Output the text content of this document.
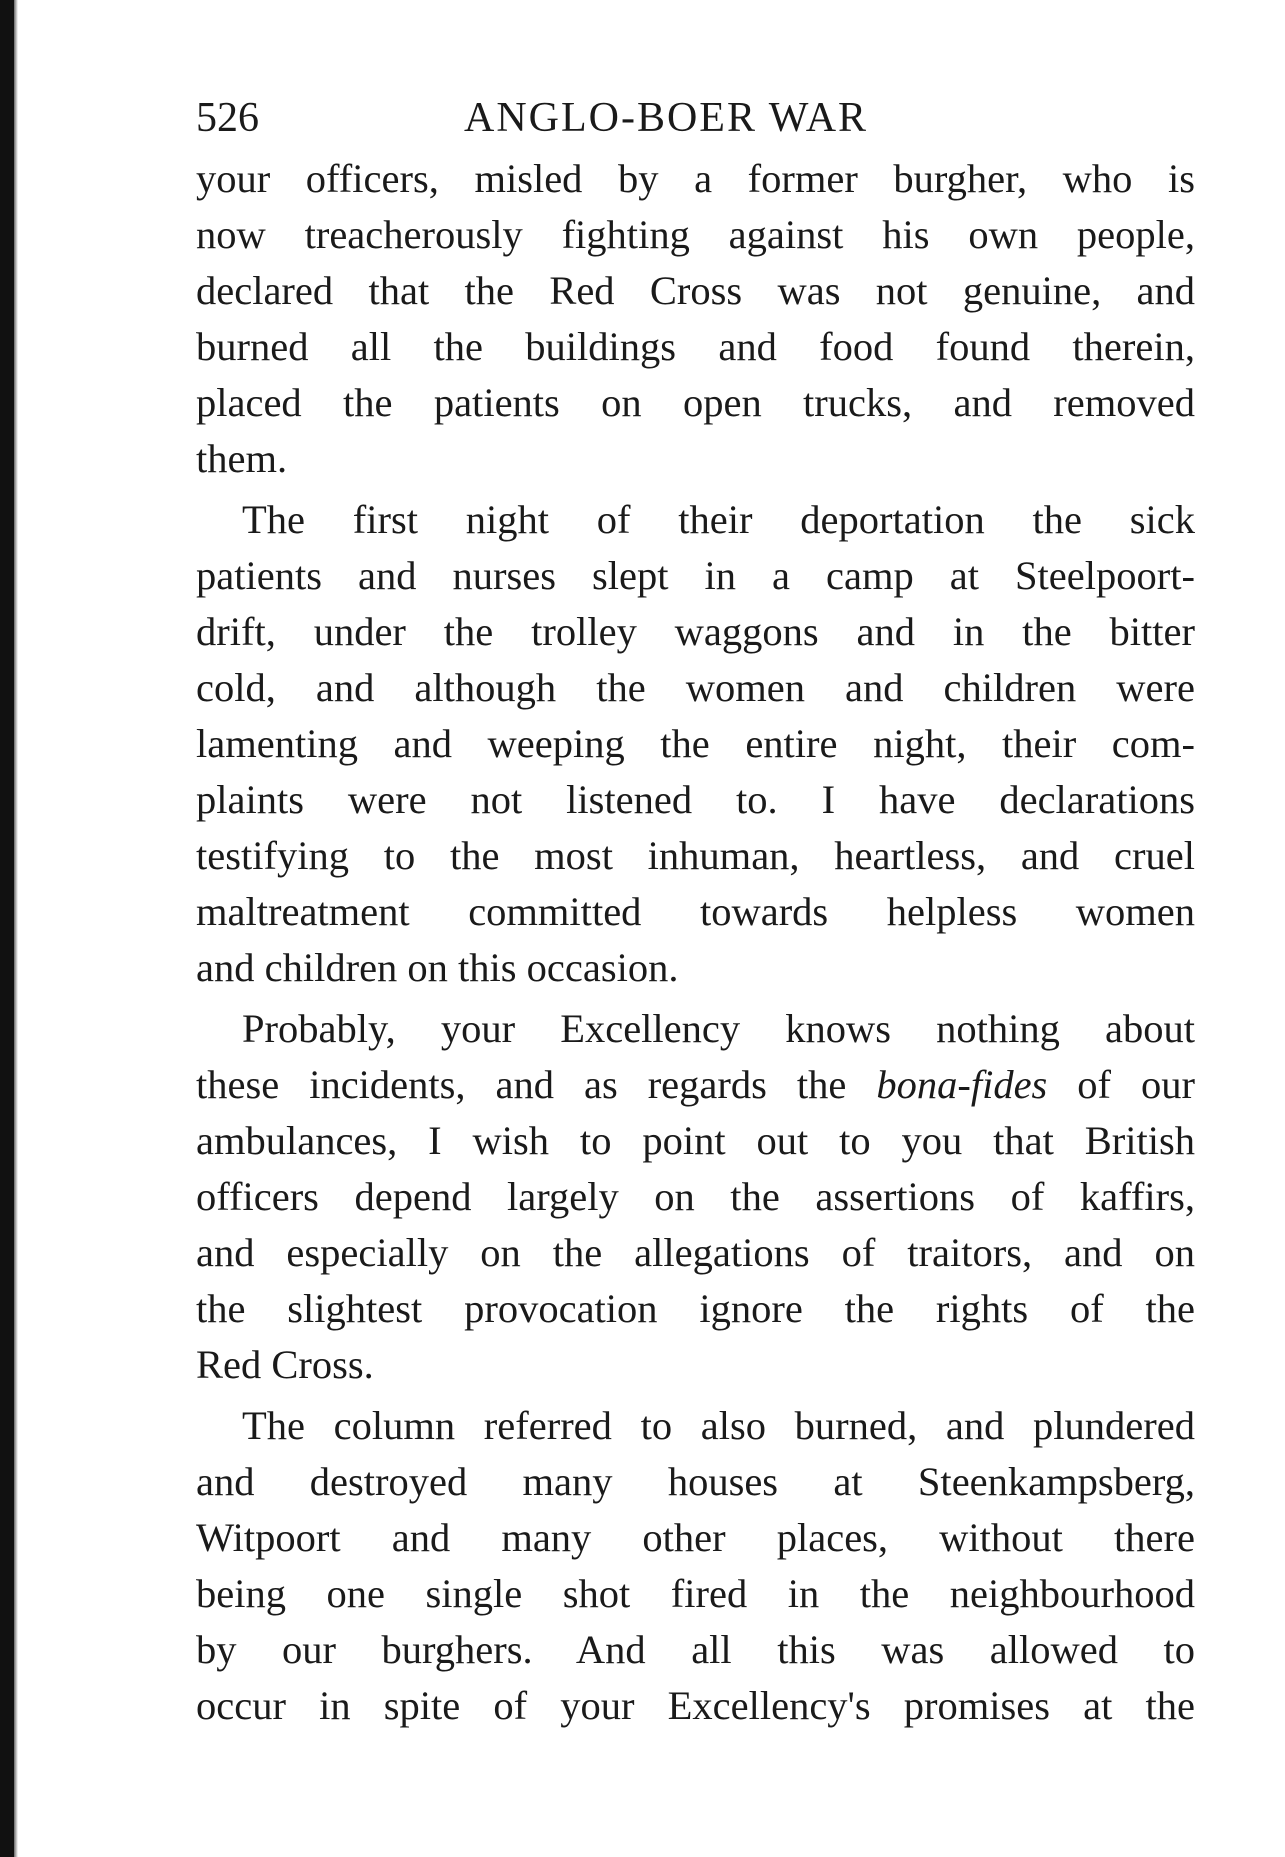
526	ANGLO-BOER WAR
your officers, misled by a former burgher, who is
now treacherously fighting against his own people,
declared that the Red Cross was not genuine, and
burned all the buildings and food found therein,
placed the patients on open trucks, and removed
them.
The first night of their deportation the sick
patients and nurses slept in a camp at Steelpoort-
drift, under the trolley waggons and in the bitter
cold, and although the women and children were
lamenting and weeping the entire night, their com-
plaints were not listened to. I have declarations
testifying to the most inhuman, heartless, and cruel
maltreatment committed towards helpless women
and children on this occasion.
Probably, your Excellency knows nothing about
these incidents, and as regards the bona-fides of our
ambulances, I wish to point out to you that British
officers depend largely on the assertions of kaffirs,
and especially on the allegations of traitors, and on
the slightest provocation ignore the rights of the
Red Cross.
The column referred to also burned, and plundered
and destroyed many houses at Steenkampsberg,
Witpoort and many other places, without there
being one single shot fired in the neighbourhood
by our burghers. And all this was allowed to
occur in spite of your Excellency's promises at the
